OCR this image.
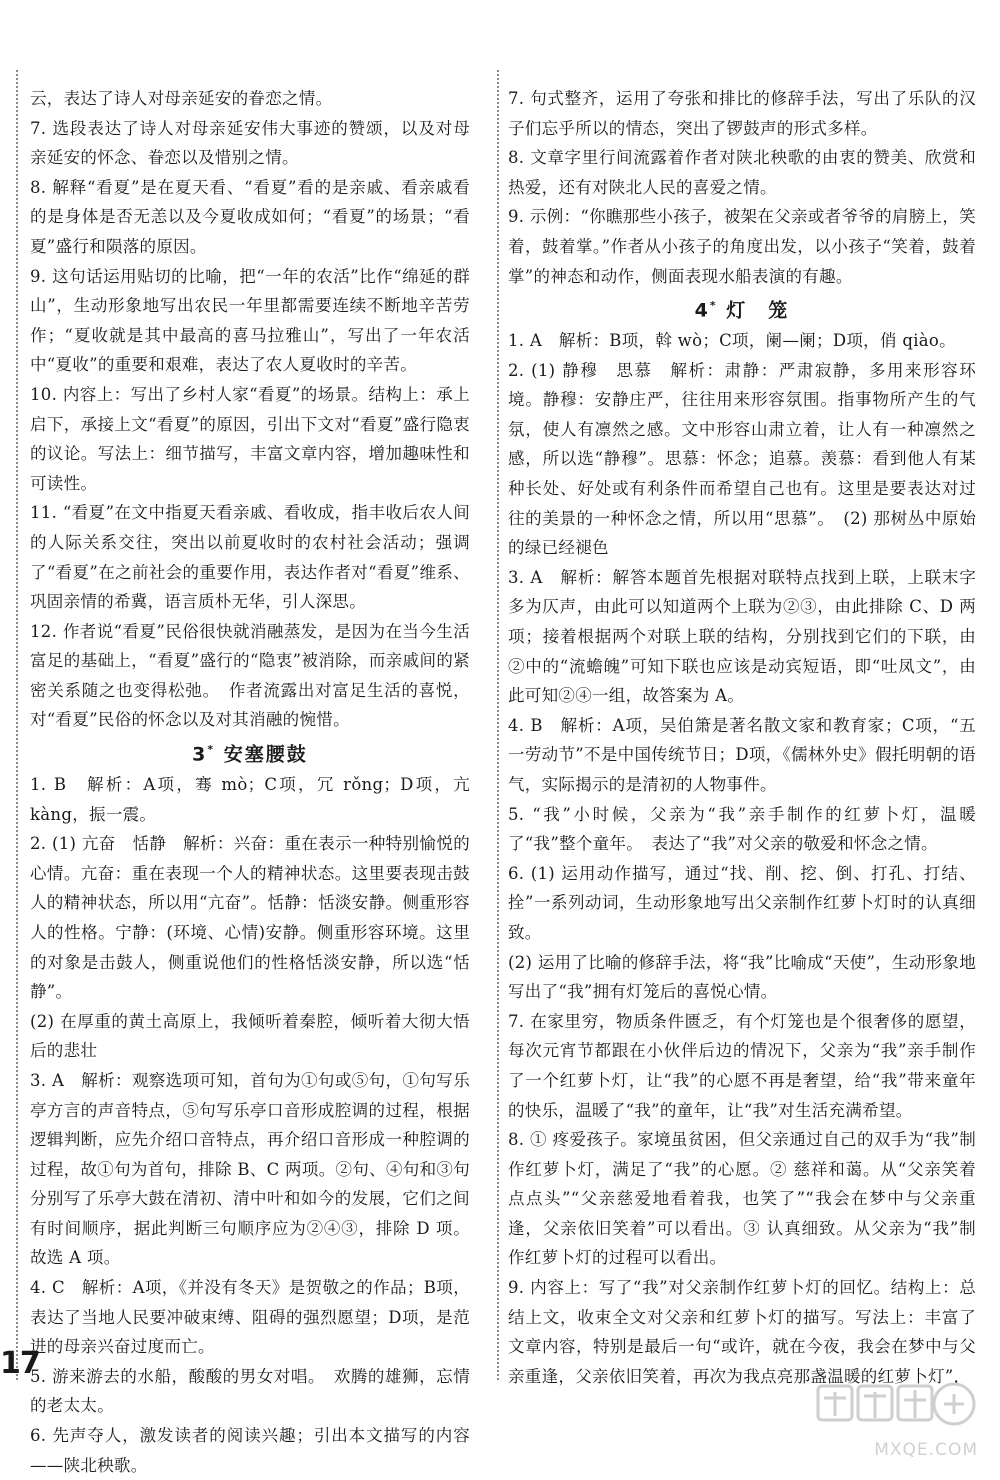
云，表达了诗人对母亲延安的眷恋之情。
7. 选段表达了诗人对母亲延安伟大事迹的赞颂，以及对母亲延安的怀念、眷恋以及惜别之情。
8. 解释“看夏”是在夏天看、“看夏”看的是亲戚、看亲戚看的是身体是否无恙以及今夏收成如何；“看夏”的场景；“看夏”盛行和陨落的原因。
9. 这句话运用贴切的比喻，把“一年的农活”比作“绵延的群山”，生动形象地写出农民一年里都需要连续不断地辛苦劳作；“夏收就是其中最高的喜马拉雅山”，写出了一年农活中“夏收”的重要和艰难，表达了农人夏收时的辛苦。
10. 内容上：写出了乡村人家“看夏”的场景。结构上：承上启下，承接上文“看夏”的原因，引出下文对“看夏”盛行隐衷的议论。写法上：细节描写，丰富文章内容，增加趣味性和可读性。
11. “看夏”在文中指夏天看亲戚、看收成，指丰收后农人间的人际关系交往，突出以前夏收时的农村社会活动；强调了“看夏”在之前社会的重要作用，表达作者对“看夏”维系、巩固亲情的希冀，语言质朴无华，引人深思。
12. 作者说“看夏”民俗很快就消融蒸发，是因为在当今生活富足的基础上，“看夏”盛行的“隐衷”被消除，而亲戚间的紧密关系随之也变得松弛。　作者流露出对富足生活的喜悦，对“看夏”民俗的怀念以及对其消融的惋惜。
3* 安塞腰鼓
1. B　解析：A项，骞 mò；C项，冗 rǒng；D项，亢 kàng，振一震。
2. (1) 亢奋　恬静　解析：兴奋：重在表示一种特别愉悦的心情。亢奋：重在表现一个人的精神状态。这里要表现击鼓人的精神状态，所以用“亢奋”。恬静：恬淡安静。侧重形容人的性格。宁静：(环境、心情)安静。侧重形容环境。这里的对象是击鼓人，侧重说他们的性格恬淡安静，所以选“恬静”。
(2) 在厚重的黄土高原上，我倾听着秦腔，倾听着大彻大悟后的悲壮
3. A　解析：观察选项可知，首句为①句或⑤句，①句写乐亭方言的声音特点，⑤句写乐亭口音形成腔调的过程，根据逻辑判断，应先介绍口音特点，再介绍口音形成一种腔调的过程，故①句为首句，排除 B、C 两项。②句、④句和③句分别写了乐亭大鼓在清初、清中叶和如今的发展，它们之间有时间顺序，据此判断三句顺序应为②④③，排除 D 项。故选 A 项。
4. C　解析：A项，《并没有冬天》是贺敬之的作品；B项，表达了当地人民要冲破束缚、阻碍的强烈愿望；D项，是范进的母亲兴奋过度而亡。
5. 游来游去的水船，酸酸的男女对唱。　欢腾的雄狮，忘情的老太太。
6. 先声夺人，激发读者的阅读兴趣；引出本文描写的内容——陕北秧歌。
7. 句式整齐，运用了夸张和排比的修辞手法，写出了乐队的汉子们忘乎所以的情态，突出了锣鼓声的形式多样。
8. 文章字里行间流露着作者对陕北秧歌的由衷的赞美、欣赏和热爱，还有对陕北人民的喜爱之情。
9. 示例：“你瞧那些小孩子，被架在父亲或者爷爷的肩膀上，笑着，鼓着掌。”作者从小孩子的角度出发，以小孩子“笑着，鼓着掌”的神态和动作，侧面表现水船表演的有趣。
4* 灯　笼
1. A　解析：B项，斡 wò；C项，阑—阑；D项，俏 qiào。
2. (1) 静穆　思慕　解析：肃静：严肃寂静，多用来形容环境。静穆：安静庄严，往往用来形容氛围。指事物所产生的气氛，使人有凛然之感。文中形容山肃立着，让人有一种凛然之感，所以选“静穆”。思慕：怀念；追慕。羡慕：看到他人有某种长处、好处或有利条件而希望自己也有。这里是要表达对过往的美景的一种怀念之情，所以用“思慕”。　(2) 那树丛中原始的绿已经褪色
3. A　解析：解答本题首先根据对联特点找到上联，上联末字多为仄声，由此可以知道两个上联为②③，由此排除 C、D 两项；接着根据两个对联上联的结构，分别找到它们的下联，由②中的“流蟾魄”可知下联也应该是动宾短语，即“吐凤文”，由此可知②④一组，故答案为 A。
4. B　解析：A项，吴伯箫是著名散文家和教育家；C项，“五一劳动节”不是中国传统节日；D项，《儒林外史》假托明朝的语气，实际揭示的是清初的人物事件。
5. “我”小时候，父亲为“我”亲手制作的红萝卜灯，温暖了“我”整个童年。　表达了“我”对父亲的敬爱和怀念之情。
6. (1) 运用动作描写，通过“找、削、挖、倒、打孔、打结、拴”一系列动词，生动形象地写出父亲制作红萝卜灯时的认真细致。
(2) 运用了比喻的修辞手法，将“我”比喻成“天使”，生动形象地写出了“我”拥有灯笼后的喜悦心情。
7. 在家里穷，物质条件匮乏，有个灯笼也是个很奢侈的愿望，每次元宵节都跟在小伙伴后边的情况下，父亲为“我”亲手制作了一个红萝卜灯，让“我”的心愿不再是奢望，给“我”带来童年的快乐，温暖了“我”的童年，让“我”对生活充满希望。
8. ① 疼爱孩子。家境虽贫困，但父亲通过自己的双手为“我”制作红萝卜灯，满足了“我”的心愿。② 慈祥和蔼。从“父亲笑着点点头”“父亲慈爱地看着我，也笑了”“我会在梦中与父亲重逢，父亲依旧笑着”可以看出。③ 认真细致。从父亲为“我”制作红萝卜灯的过程可以看出。
9. 内容上：写了“我”对父亲制作红萝卜灯的回忆。结构上：总结上文，收束全文对父亲和红萝卜灯的描写。写法上：丰富了文章内容，特别是最后一句“或许，就在今夜，我会在梦中与父亲重逢，父亲依旧笑着，再次为我点亮那盏温暖的红萝卜灯”，
17
MXQE.COM
